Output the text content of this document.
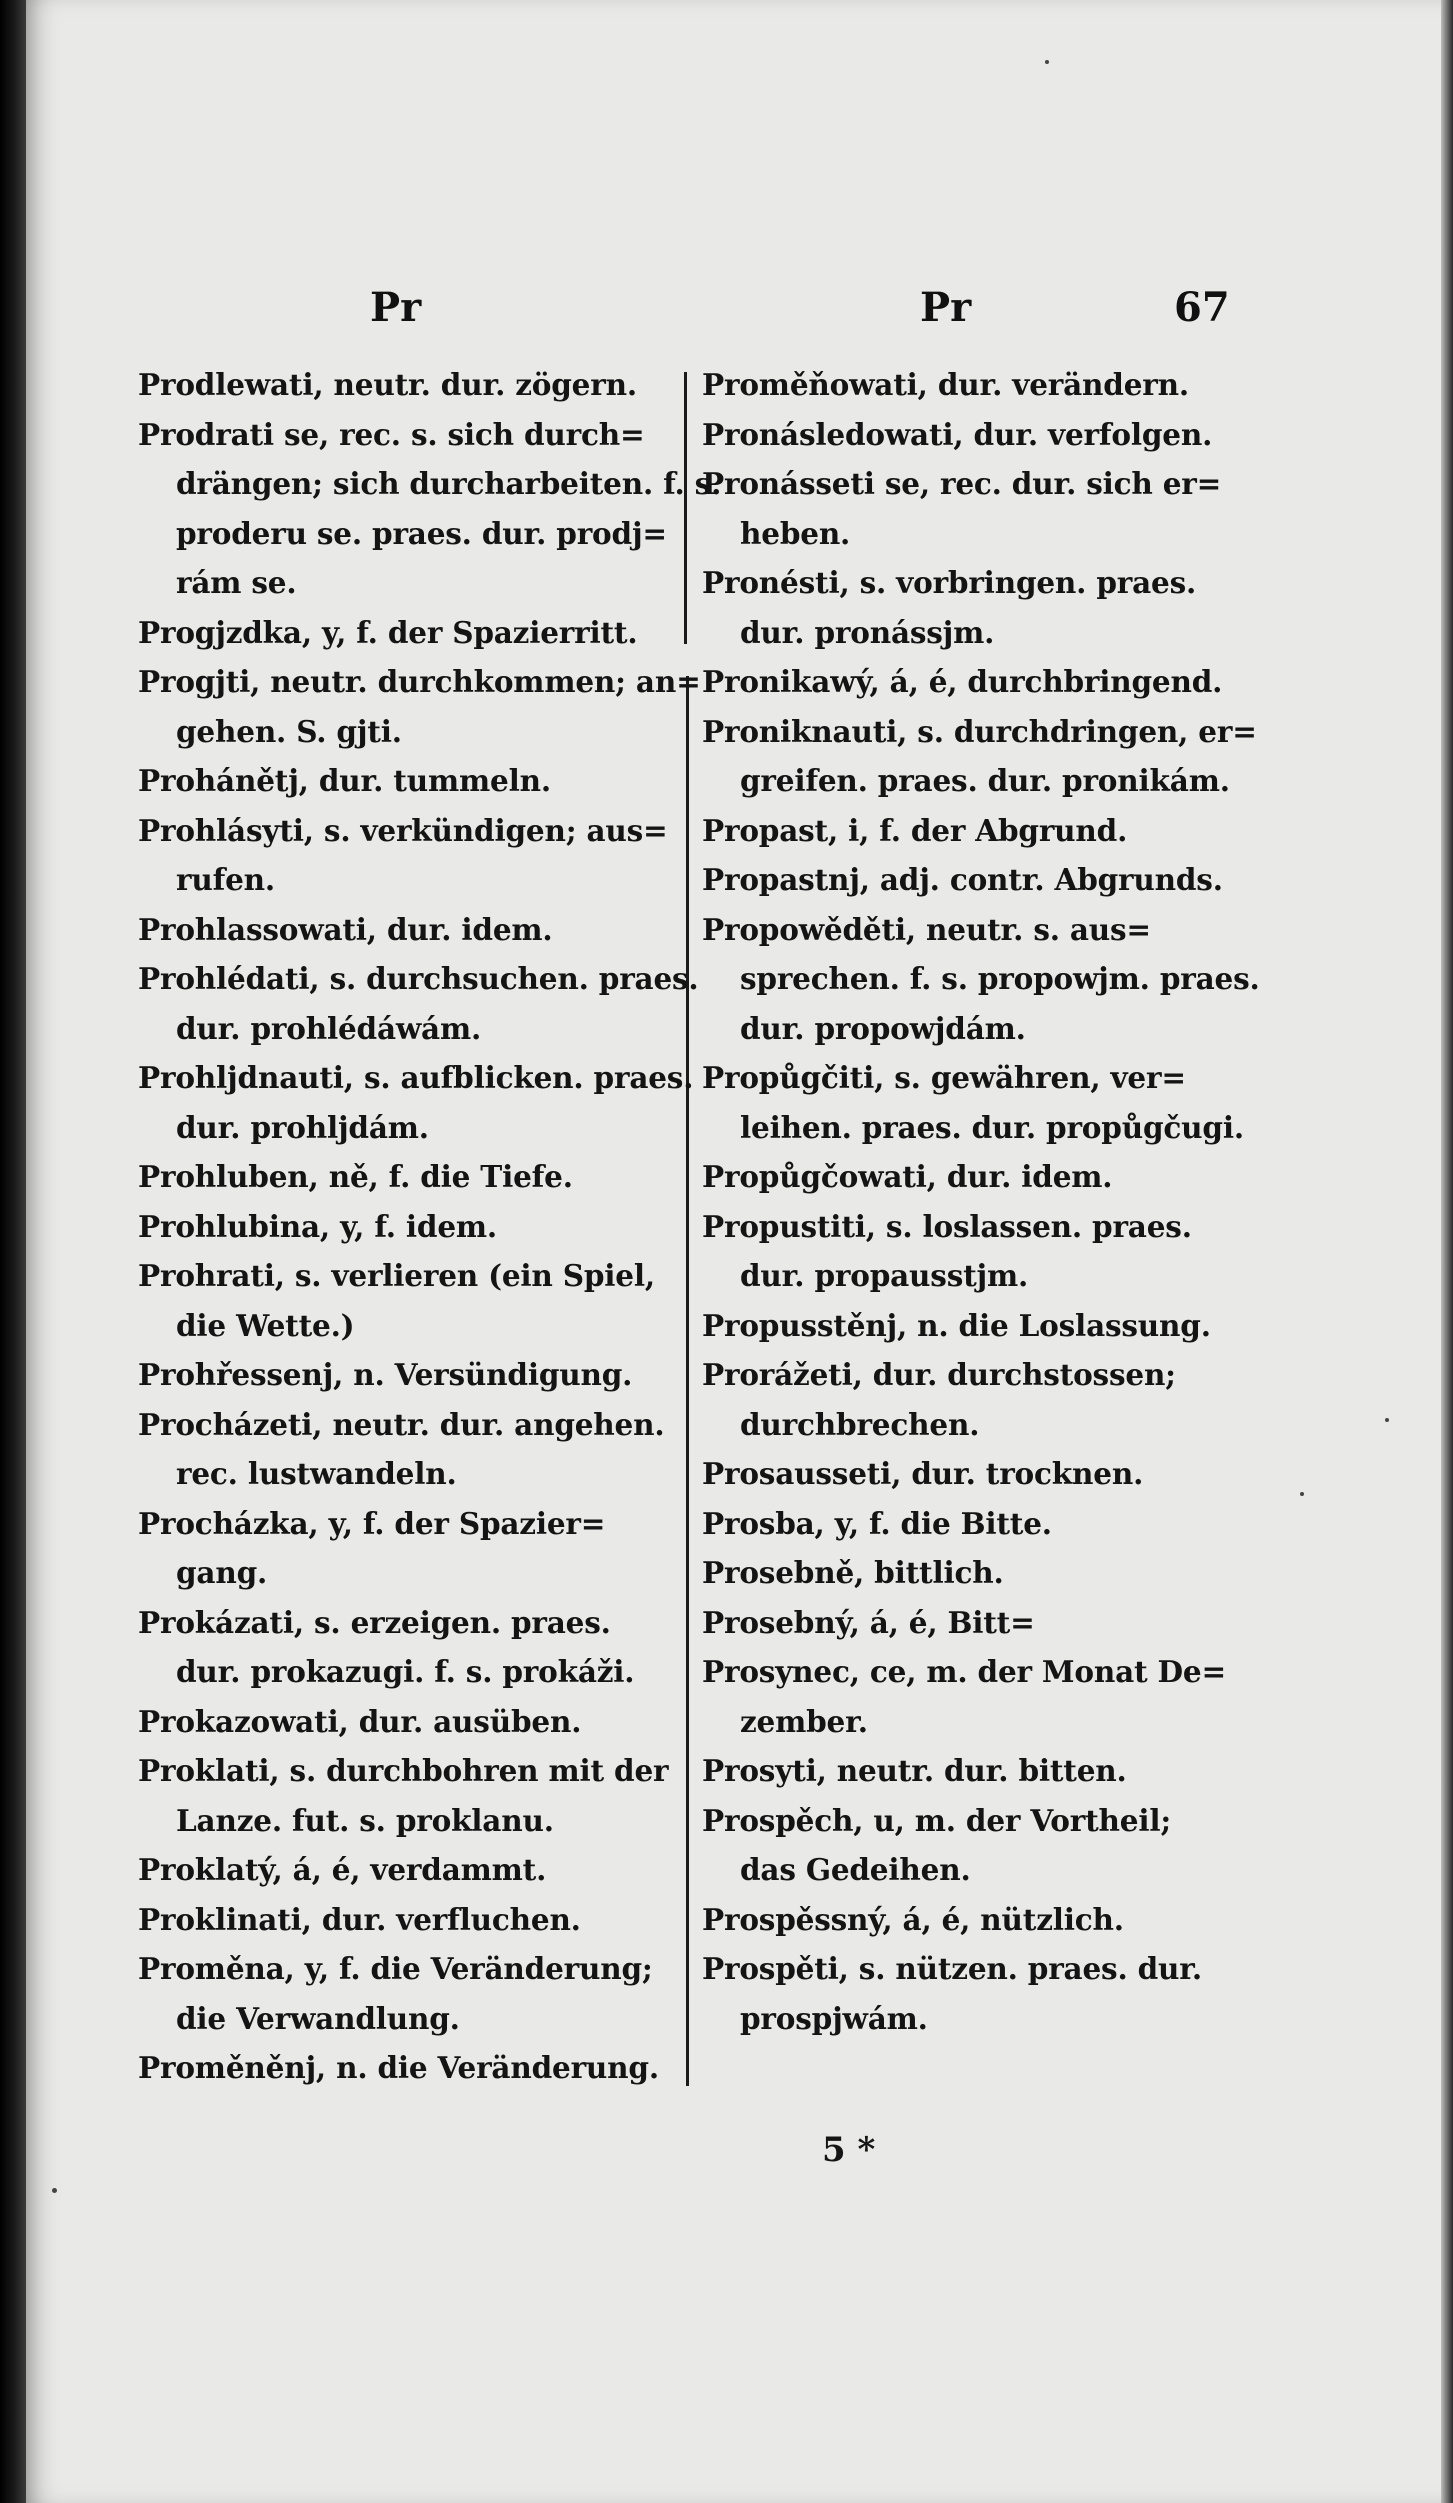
Pr	Pr	67
Prodlewati, neutr. dur. zögern.
Prodrati se, rec. s. sich durch=
drängen; sich durcharbeiten. f. s.
proderu se. praes. dur. prodj=
rám se.
Progjzdka, y, f. der Spazierritt.
Progjti, neutr. durchkommen; an=
gehen. S. gjti.
Prohánětj, dur. tummeln.
Prohlásyti, s. verkündigen; aus=
rufen.
Prohlassowati, dur. idem.
Prohlédati, s. durchsuchen. praes.
dur. prohlédáwám.
Prohljdnauti, s. aufblicken. praes.
dur. prohljdám.
Prohluben, ně, f. die Tiefe.
Prohlubina, y, f. idem.
Prohrati, s. verlieren (ein Spiel,
die Wette.)
Prohřessenj, n. Versündigung.
Procházeti, neutr. dur. angehen.
rec. lustwandeln.
Procházka, y, f. der Spazier=
gang.
Prokázati, s. erzeigen. praes.
dur. prokazugi. f. s. prokáži.
Prokazowati, dur. ausüben.
Proklati, s. durchbohren mit der
Lanze. fut. s. proklanu.
Proklatý, á, é, verdammt.
Proklinati, dur. verfluchen.
Proměna, y, f. die Veränderung;
die Verwandlung.
Proměněnj, n. die Veränderung.
Proměňowati, dur. verändern.
Pronásledowati, dur. verfolgen.
Pronásseti se, rec. dur. sich er=
heben.
Pronésti, s. vorbringen. praes.
dur. pronássjm.
Pronikawý, á, é, durchbringend.
Proniknauti, s. durchdringen, er=
greifen. praes. dur. pronikám.
Propast, i, f. der Abgrund.
Propastnj, adj. contr. Abgrunds.
Propowěděti, neutr. s. aus=
sprechen. f. s. propowjm. praes.
dur. propowjdám.
Propůgčiti, s. gewähren, ver=
leihen. praes. dur. propůgčugi.
Propůgčowati, dur. idem.
Propustiti, s. loslassen. praes.
dur. propausstjm.
Propusstěnj, n. die Loslassung.
Prorážeti, dur. durchstossen;
durchbrechen.
Prosausseti, dur. trocknen.
Prosba, y, f. die Bitte.
Prosebně, bittlich.
Prosebný, á, é, Bitt=
Prosynec, ce, m. der Monat De=
zember.
Prosyti, neutr. dur. bitten.
Prospěch, u, m. der Vortheil;
das Gedeihen.
Prospěssný, á, é, nützlich.
Prospěti, s. nützen. praes. dur.
prospjwám.
5 *
